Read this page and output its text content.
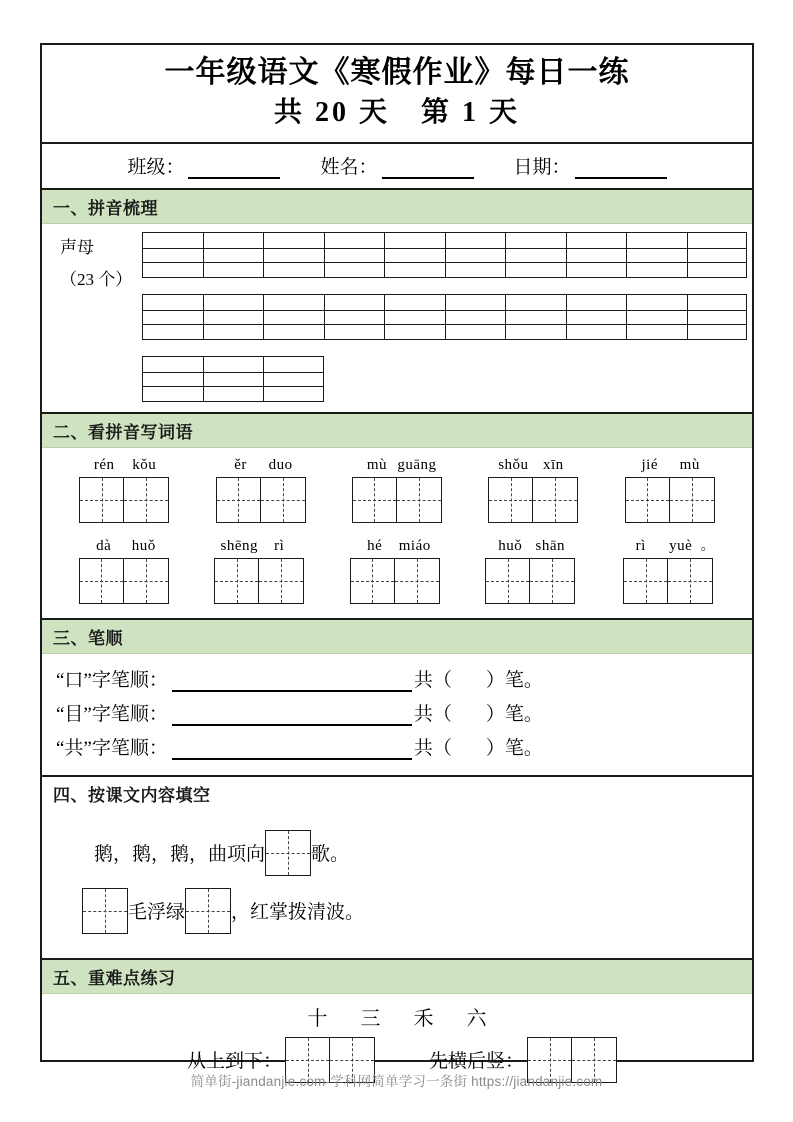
一年级语文《寒假作业》每日一练
共 20 天　第 1 天
班级：	姓名：	日期：
一、拼音梳理
声母
（23 个）
二、看拼音写词语
rén kǒu	ěr duo	mù guāng	shǒu xīn	jié mù
dà huǒ	shēng rì	hé miáo	huǒ shān	rì yuè 。
三、笔顺
“口”字笔顺：	共（ ）笔。
“目”字笔顺：	共（ ）笔。
“共”字笔顺：	共（ ）笔。
四、按课文内容填空
鹅，鹅，鹅，曲项向 歌。
毛浮绿 ，红掌拨清波。
五、重难点练习
十 三 禾 六
从上到下：	先横后竖：
简单街-jiandanjie.com-学科网简单学习一条街 https://jiandanjie.com
